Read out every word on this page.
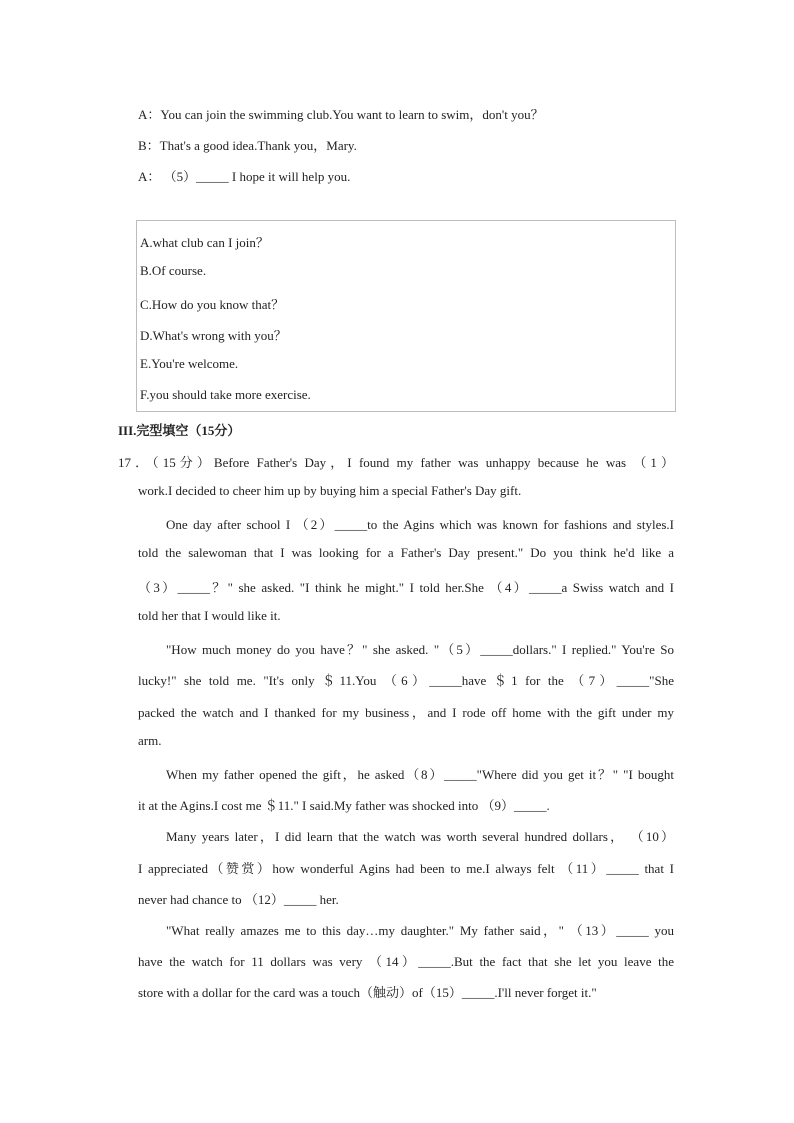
A：You can join the swimming club.You want to learn to swim，don't you？
B：That's a good idea.Thank you，Mary.
A： （5）_____ I hope it will help you.
A.what club can I join？
B.Of course.
C.How do you know that？
D.What's wrong with you？
E.You're welcome.
F.you should take more exercise.
III.完型填空（15分）
17．（15分）Before Father's Day，I found my father was unhappy because he was （1）
work.I decided to cheer him up by buying him a special Father's Day gift.
One day after school I （2）_____to the Agins which was known for fashions and styles.I
told the salewoman that I was looking for a Father's Day present." Do you think he'd like a
（3）_____？" she asked. "I think he might." I told her.She （4）_____a Swiss watch and I
told her that I would like it.
"How much money do you have？" she asked. "（5）_____dollars." I replied." You're So
lucky!" she told me. "It's only ＄11.You （6）_____have ＄1 for the （7）_____"She
packed the watch and I thanked for my business，and I rode off home with the gift under my
arm.
When my father opened the gift，he asked（8）_____"Where did you get it？" "I bought
it at the Agins.I cost me ＄11." I said.My father was shocked into （9）_____.
Many years later，I did learn that the watch was worth several hundred dollars， （10）
I appreciated（赞赏）how wonderful Agins had been to me.I always felt （11）_____ that I
never had chance to （12）_____ her.
"What really amazes me to this day…my daughter." My father said，" （13）_____ you
have the watch for 11 dollars was very （14）_____.But the fact that she let you leave the
store with a dollar for the card was a touch（触动）of（15）_____.I'll never forget it."
